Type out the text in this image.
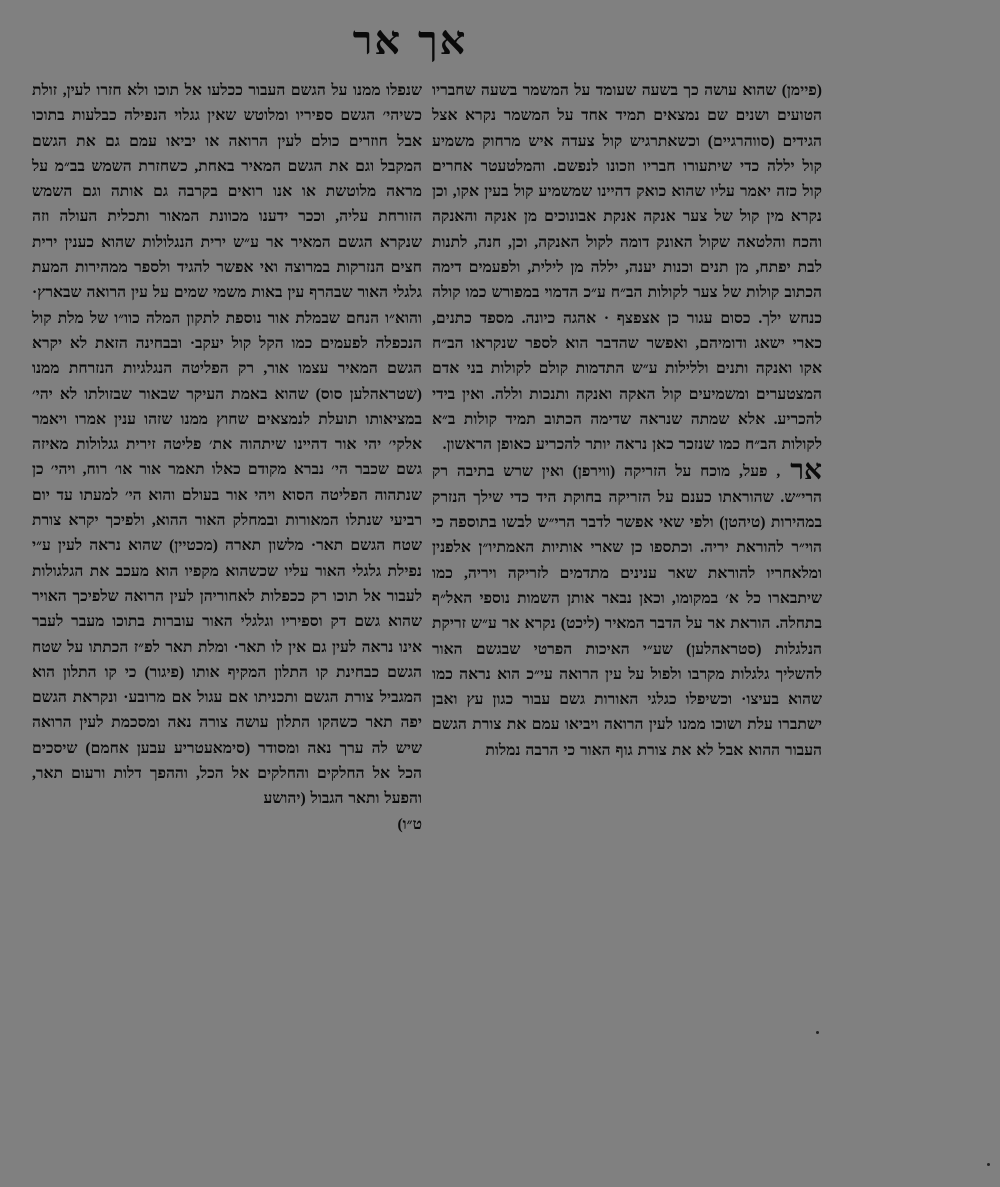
אך אר

(פיימן) שהוא עושה כך בשעה שעומד על המשמר בשעה שחבריו הטועים ושנים שם נמצאים תמיד אחד על המשמר נקרא אצל הגידים (סווהרגיים) וכשאתרגיש קול צעדה איש מרחוק משמיע קול יללה כדי שיתעורו חבריו וזכונו לנפשם. והמלטעטר אחרים קול כזה יאמר עליו שהוא כואק דהיינו שמשמיע קול בעין אקו, וכן נקרא מין קול של צער אנקה אנקת אבונוכים מן אנקה והאנקה והכח והלטאה שקול האונק דומה לקול האנקה, וכן, חנה, לתנות לבת יפתח, מן תנים וכנות יענה, יללה מן לילית, ולפעמים דימה הכתוב קולות של צער לקולות הב״ח ע״כ הדמוי במפורש כמו קולה כנחש ילך. כסום עגור כן אצפצף · אהגה כיונה. מספד כתנים, כארי ישאג ודומיהם, ואפשר שהדבר הוא לספר שנקראו הב״ח אקו ואנקה ותנים וללילות ע״ש התדמות קולם לקולות בני אדם המצטערים ומשמיעים קול האקה ואנקה ותנכות וללה. ואין בידי להכריע. אלא שמתה שנראה שדימה הכתוב תמיד קולות ב״א לקולות הב״ח כמו שנזכר כאן נראה יותר להכריע כאופן הראשון.

אר, פעל, מוכח על הזריקה (ווירפן) ואין שרש בתיבה רק הרי״ש. שהוראתו כענם על הזריקה בחוקת היד כדי שילך הנזרק במהירות (טיהטן) ולפי שאי אפשר לדבר הרי״ש לבשו בתוספה כי הוי״ר להוראת יריה. וכתספו כן שארי אותיות האמתיו״ן אלפנין ומלאחריו להוראת שאר ענינים מתדמים לזריקה ויריה, כמו שיתבארו כל א׳ במקומו, וכאן נבאר אותן השמות נוספי האל״ף בתחלה. הוראת אר על הדבר המאיר (ליכט) נקרא אר ע״ש זריקת הנלגלות (סטראהלען) שע״י האיכות הפרטי שבגשם האור להשליך גלגלות מקרבו ולפול על עין הרואה עי״כ הוא נראה כמו שהוא בעיצו· וכשיפלו כגלגי האורות גשם עבור כגון עץ ואבן ישתברו עלת ושוכו ממנו לעין הרואה ויביאו עמם את צורת הגשם העבור ההוא אבל לא את צורת גוף האור כי הרבה נמלות

שנפלו ממנו על הגשם העבור ככלעו אל תוכו ולא חזרו לעין, זולת כשיהי׳ הגשם ספיריו ומלוטש שאין גגלוי הנפילה כבלעות בתוכו אבל חוזרים כולם לעין הרואה או יביאו עמם גם את הגשם המקבל וגם את הגשם המאיר באחת, כשחזרת השמש בב״מ על מראה מלוטשת או אנו רואים בקרבה גם אותה וגם השמש הזורחת עליה, וככר ידענו מכוונת המאור ותכלית העולה וזה שנקרא הגשם המאיר אר ע״ש ירית הנגלולות שהוא כענין ירית חצים הנזרקות במרוצה ואי אפשר להגיד ולספר ממהירות המעת גלגלי האור שבהרף עין באות משמי שמים על עין הרואה שבארץ· והוא״ו הנחם שבמלת אור נוספת לתקון המלה כוו״ו של מלת קול הנכפלה לפעמים כמו הקל קול יעקב· ובבחינה הזאת לא יקרא הגשם המאיר עצמו אור, רק הפליטה הנגלגיות הנזרחת ממנו (שטראהלען סוס) שהוא באמת העיקר שבאור שבזולתו לא יהי׳ במציאותו תועלת לנמצאים שחוץ ממנו שזהו ענין אמרו ויאמר אלקי׳ יהי אור דהיינו שיתהוה את׳ פליטה זירית גגלולות מאיזה גשם שכבר הי׳ נברא מקודם כאלו תאמר אור או׳ רוח, ויהי׳ כן שנתהוה הפליטה הסוא ויהי אור בעולם והוא הי׳ למעתו עד יום רביעי שנתלו המאורות ובמחלק האור ההוא, ולפיכך יקרא צורת שטח הגשם תאר· מלשון תארה (מכטיין) שהוא נראה לעין ע״י נפילת גלגלי האור עליו שכשהוא מקפיו הוא מעכב את הגלגולות לעבור אל תוכו רק ככפלות לאחוריהן לעין הרואה שלפיכך האויר שהוא גשם דק וספיריו וגלגלי האור עוברות בתוכו מעבר לעבר אינו נראה לעין גם אין לו תאר· ומלת תאר לפ״ז הכתתו על שטח הגשם כבחינת קו התלון המקיף אותו (פיגור) כי קו התלון הוא המגביל צורת הגשם ותכניתו אם עגול אם מרובע· ונקראת הגשם יפה תאר כשהקו התלון עושה צורה נאה ומסכמת לעין הרואה שיש לה ערך נאה ומסודר (סימאעטריע עבען אחמם) שיסכים הכל אל החלקים והחלקים אל הכל, וההפך דלות ורעום תאר, והפעל ותאר הגבול (יהושע

ט״ו)
